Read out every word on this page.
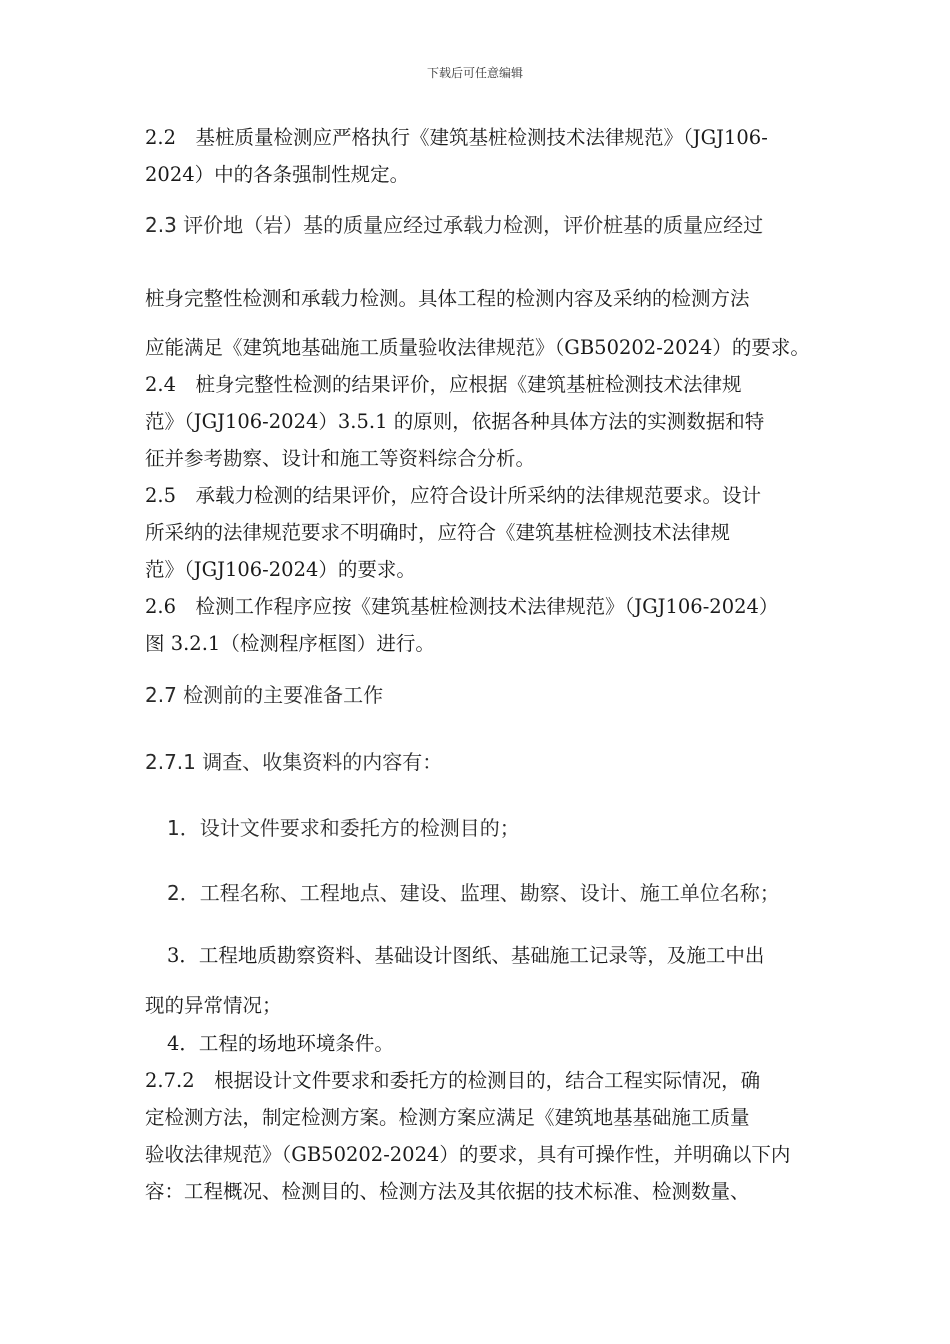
下载后可任意编辑
2.2　基桩质量检测应严格执行《建筑基桩检测技术法律规范》（JGJ106-
2024）中的各条强制性规定。
2.3 评价地（岩）基的质量应经过承载力检测，评价桩基的质量应经过
桩身完整性检测和承载力检测。具体工程的检测内容及采纳的检测方法
应能满足《建筑地基础施工质量验收法律规范》（GB50202-2024）的要求。
2.4　桩身完整性检测的结果评价，应根据《建筑基桩检测技术法律规
范》（JGJ106-2024）3.5.1 的原则，依据各种具体方法的实测数据和特
征并参考勘察、设计和施工等资料综合分析。
2.5　承载力检测的结果评价，应符合设计所采纳的法律规范要求。设计
所采纳的法律规范要求不明确时，应符合《建筑基桩检测技术法律规
范》（JGJ106-2024）的要求。
2.6　检测工作程序应按《建筑基桩检测技术法律规范》（JGJ106-2024）
图 3.2.1（检测程序框图）进行。
2.7 检测前的主要准备工作
2.7.1 调查、收集资料的内容有：
1．设计文件要求和委托方的检测目的；
2．工程名称、工程地点、建设、监理、勘察、设计、施工单位名称；
3．工程地质勘察资料、基础设计图纸、基础施工记录等，及施工中出
现的异常情况；
4．工程的场地环境条件。
2.7.2　根据设计文件要求和委托方的检测目的，结合工程实际情况，确
定检测方法，制定检测方案。检测方案应满足《建筑地基基础施工质量
验收法律规范》（GB50202-2024）的要求，具有可操作性，并明确以下内
容：工程概况、检测目的、检测方法及其依据的技术标准、检测数量、
